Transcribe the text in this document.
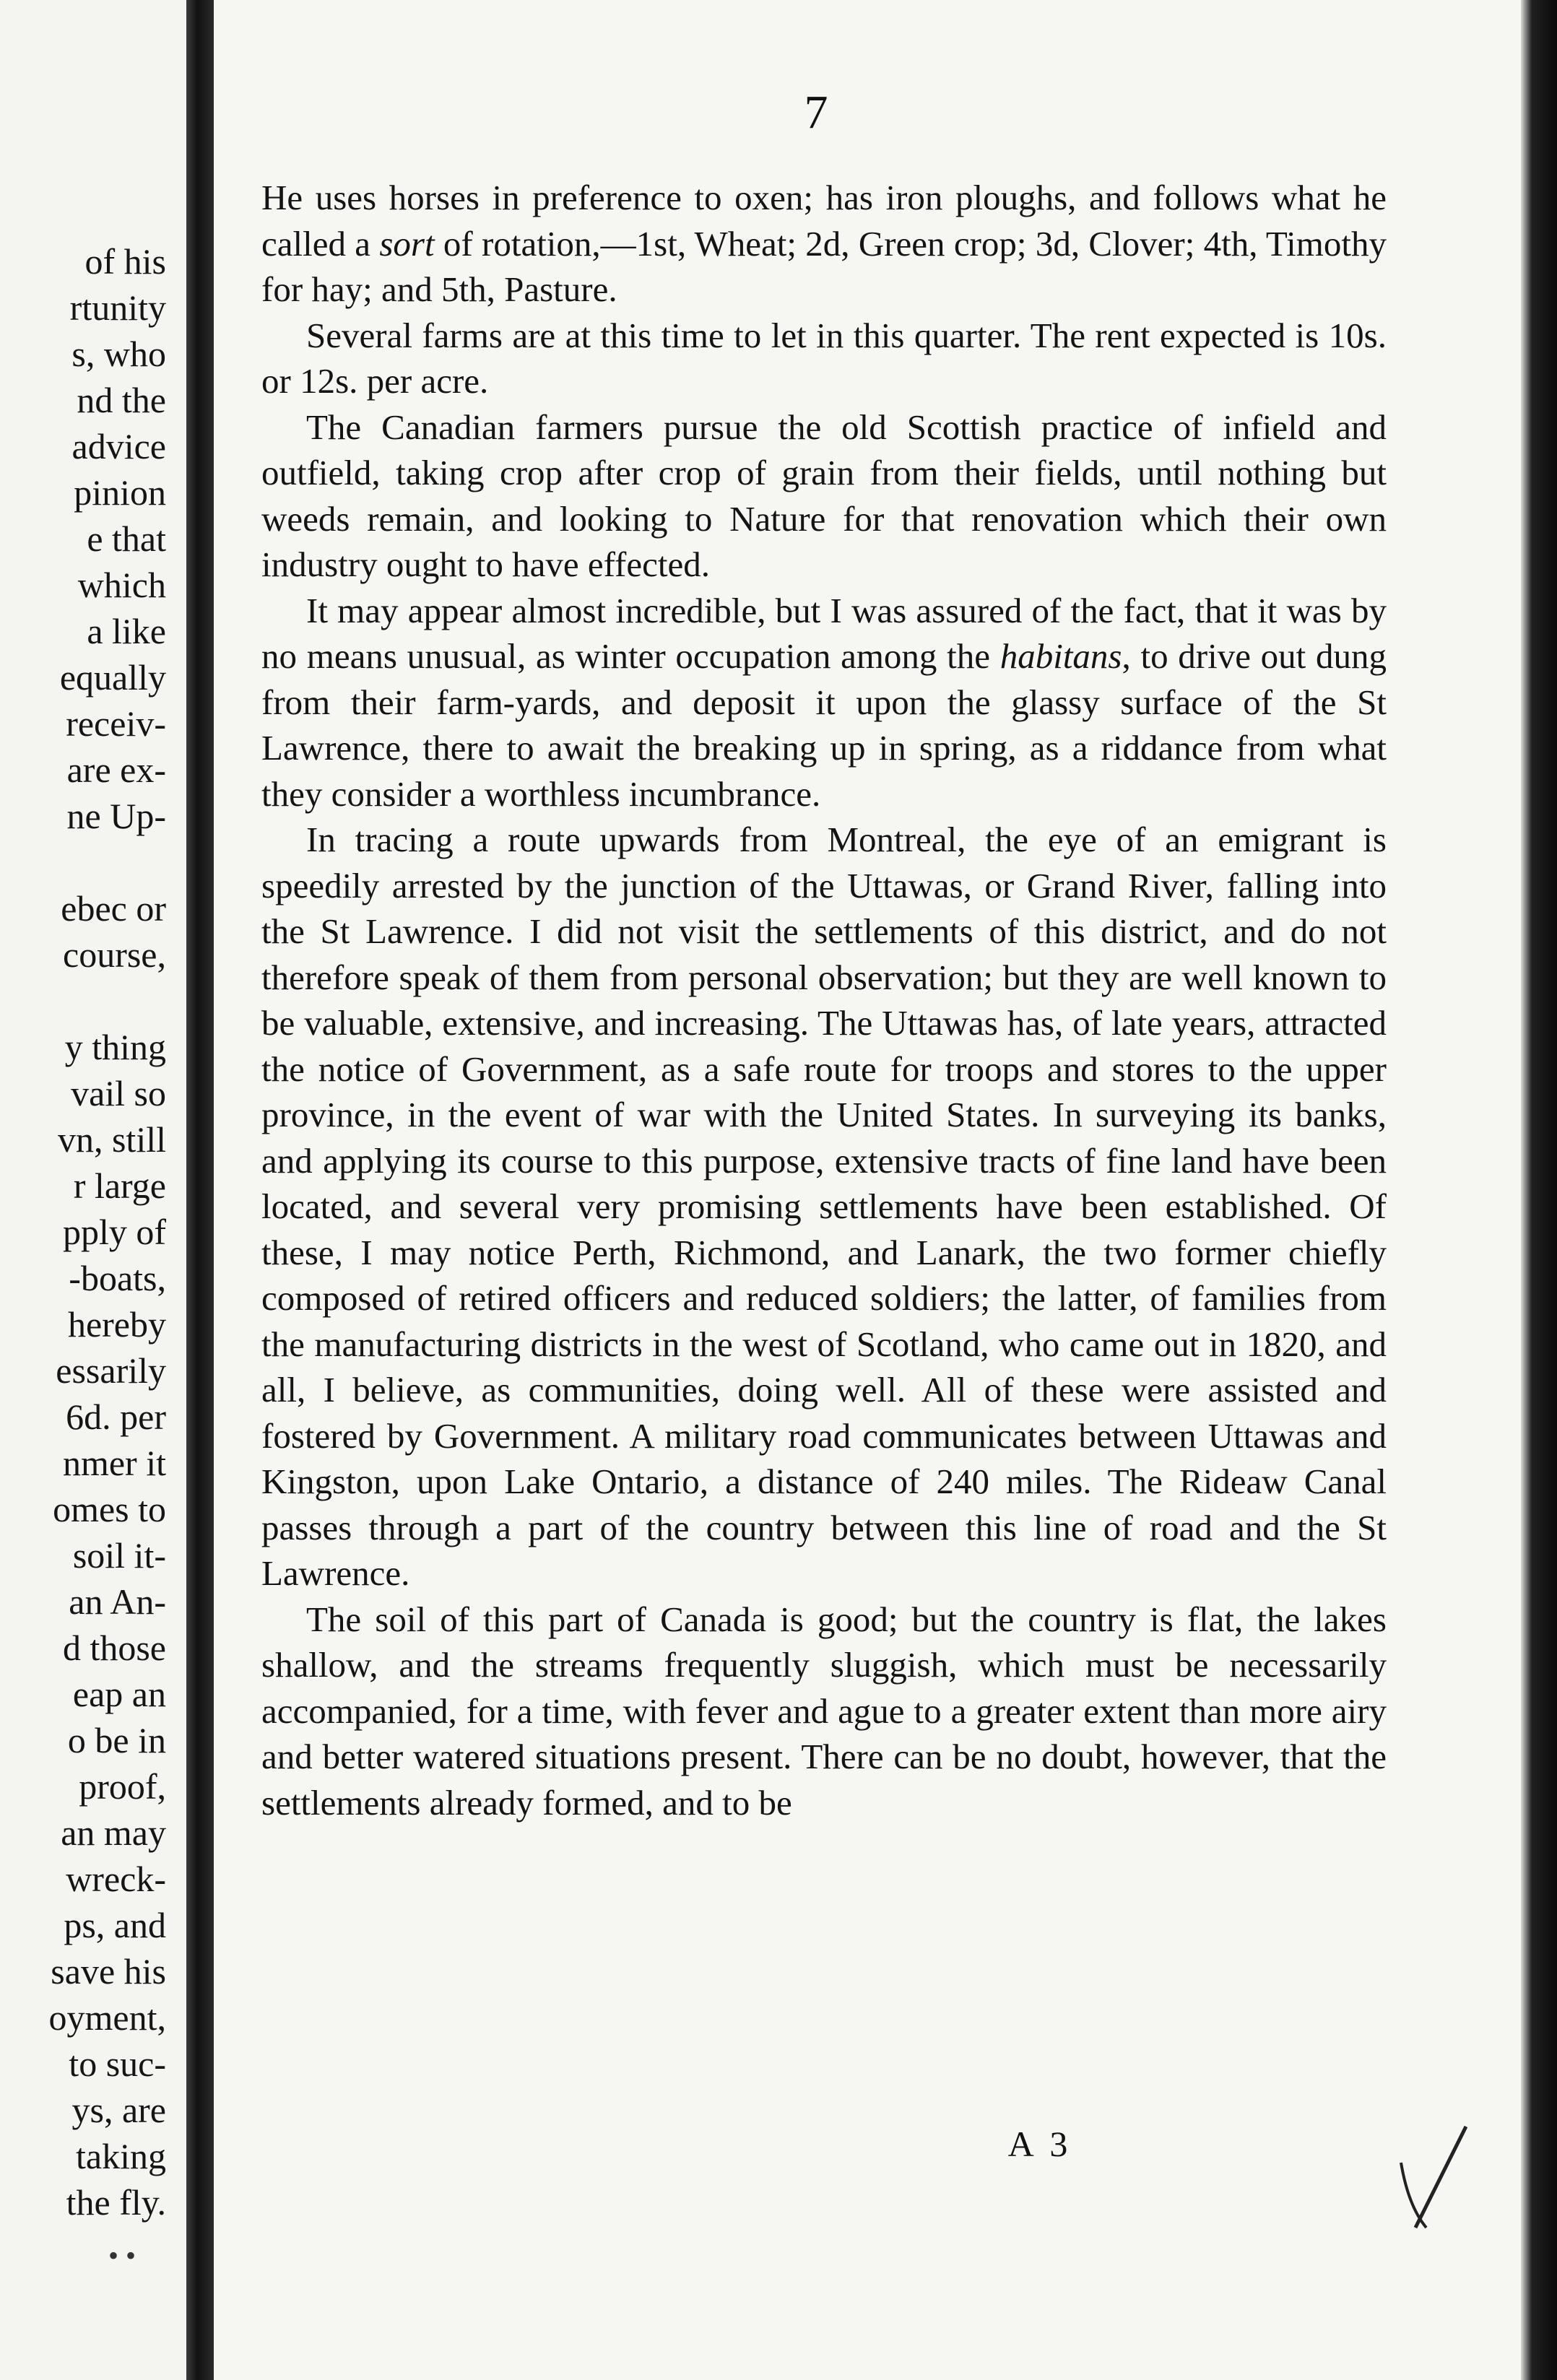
of his
rtunity
s, who
nd the
advice
pinion
e that
which
a like
equally
receiv-
are ex-
ne Up-
ebec or
course,
y thing
vail so
vn, still
r large
pply of
-boats,
hereby
essarily
6d. per
nmer it
omes to
soil it-
an An-
d those
eap an
o be in
proof,
an may
wreck-
ps, and
save his
oyment,
to suc-
ys, are
taking
the fly.
7

He uses horses in preference to oxen; has iron ploughs, and follows what he called a sort of rotation,—1st, Wheat; 2d, Green crop; 3d, Clover; 4th, Timothy for hay; and 5th, Pasture.

Several farms are at this time to let in this quarter. The rent expected is 10s. or 12s. per acre.

The Canadian farmers pursue the old Scottish practice of infield and outfield, taking crop after crop of grain from their fields, until nothing but weeds remain, and looking to Nature for that renovation which their own industry ought to have effected.

It may appear almost incredible, but I was assured of the fact, that it was by no means unusual, as winter occupation among the habitans, to drive out dung from their farm-yards, and deposit it upon the glassy surface of the St Lawrence, there to await the breaking up in spring, as a riddance from what they consider a worthless incumbrance.

In tracing a route upwards from Montreal, the eye of an emigrant is speedily arrested by the junction of the Uttawas, or Grand River, falling into the St Lawrence. I did not visit the settlements of this district, and do not therefore speak of them from personal observation; but they are well known to be valuable, extensive, and increasing. The Uttawas has, of late years, attracted the notice of Government, as a safe route for troops and stores to the upper province, in the event of war with the United States. In surveying its banks, and applying its course to this purpose, extensive tracts of fine land have been located, and several very promising settlements have been established. Of these, I may notice Perth, Richmond, and Lanark, the two former chiefly composed of retired officers and reduced soldiers; the latter, of families from the manufacturing districts in the west of Scotland, who came out in 1820, and all, I believe, as communities, doing well. All of these were assisted and fostered by Government. A military road communicates between Uttawas and Kingston, upon Lake Ontario, a distance of 240 miles. The Rideaw Canal passes through a part of the country between this line of road and the St Lawrence.

The soil of this part of Canada is good; but the country is flat, the lakes shallow, and the streams frequently sluggish, which must be necessarily accompanied, for a time, with fever and ague to a greater extent than more airy and better watered situations present. There can be no doubt, however, that the settlements already formed, and to be

A 3
• •
